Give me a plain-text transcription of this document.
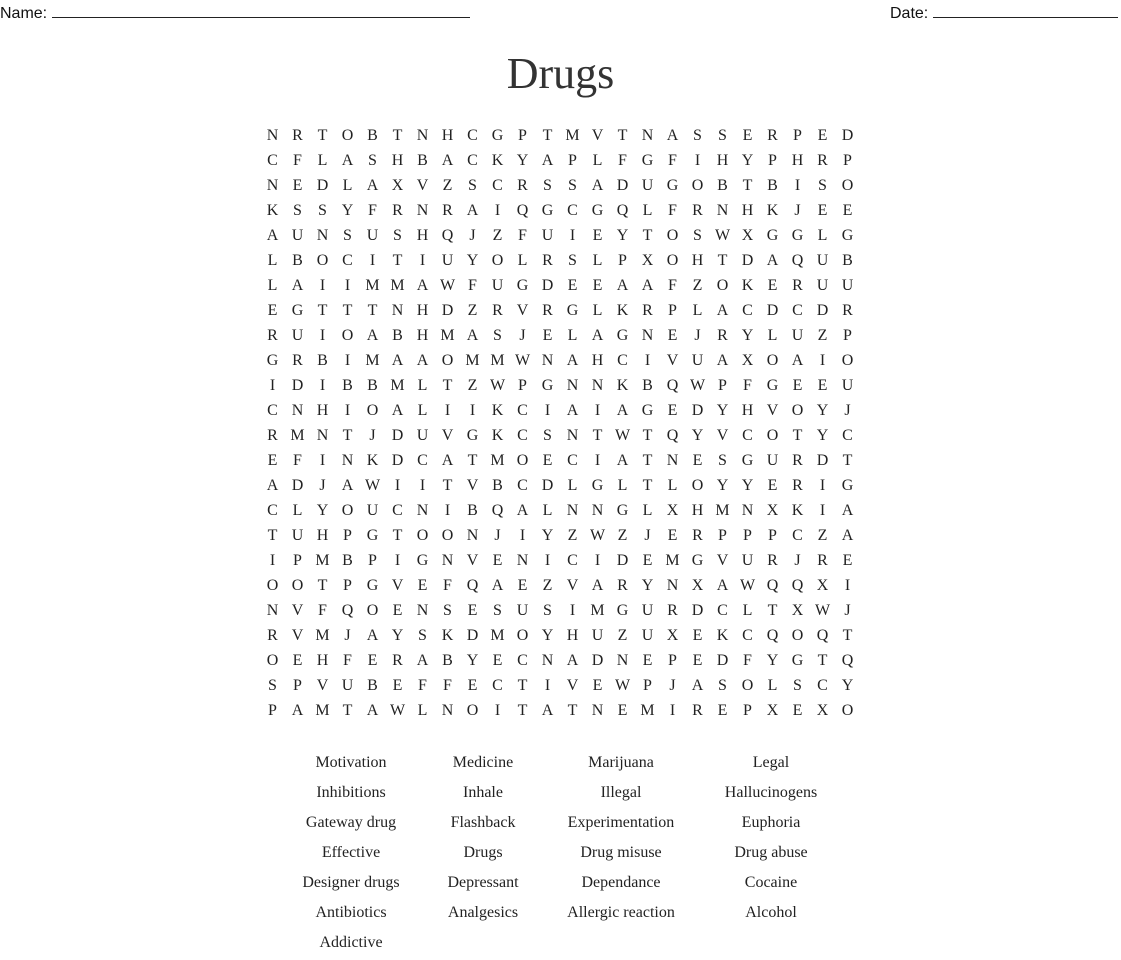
Name:	Date:
Drugs
N R T O B T N H C G P T M V T N A S	S E R P E D
C F L A S H B A C K Y A P L F G F	I	H Y P H R P
N E D L A X V Z S C R S	S A D U G O B T B	I	S O
K S	S Y F R N R A	I	Q G C G Q L F R N H K	J	E E
A U N S U S H Q	J	Z F U	I	E Y T O S W X G G L G
L B O C	I	T	I	U Y O L R S L P X O H T D A Q U B
L A	I	I M M A W F U G D E E A A F Z O K E R U U
E G T T T N H D Z R V R G L K R P L A C D C D R
R U	I	O A B H M A S	J	E L A G N E	J	R Y L U Z P
G R B	I M A A O M M W N A H C	I	V U A X O A	I	O
I	D	I	B B M L T Z W P G N N K B Q W P	F G E E U
C N H	I	O A L	I	I	K C	I	A	I	A G E D Y H V O Y	J
R M N T	J	D U V G K C S N T W T Q Y V C O T Y C
E F	I	N K D C A T M O E C	I	A T N E S G U R D T
A D	J	A W I	I	T V B C D L G L T L O Y Y E R	I	G
C L Y O U C N	I	B Q A L N N G L X H M N X K	I	A
T U H P G T O O N	J	I	Y Z W Z	J	E R P	P	P C Z A
I	P M B P	I	G N V E N	I	C	I	D E M G V U R	J	R E
O O T P G V E F Q A E Z V A R Y N X A W Q Q X	I
N V F Q O E N S E S U S	I M G U R D C L T X W J
R V M J	A Y S K D M O Y H U Z U X E K C Q O Q T
O E H F E R A B Y E C N A D N E P E D F Y G T Q
S	P V U B E F	F E C T	I	V E W P	J	A S O L S C Y
P A M T A W L N O	I	T A T N E M I	R E P X E X O
Motivation	Medicine	Marijuana	Legal
Inhibitions	Inhale	Illegal	Hallucinogens
Gateway drug	Flashback	Experimentation	Euphoria
Effective	Drugs	Drug misuse	Drug abuse
Designer drugs	Depressant	Dependance	Cocaine
Antibiotics	Analgesics	Allergic reaction	Alcohol
Addictive
